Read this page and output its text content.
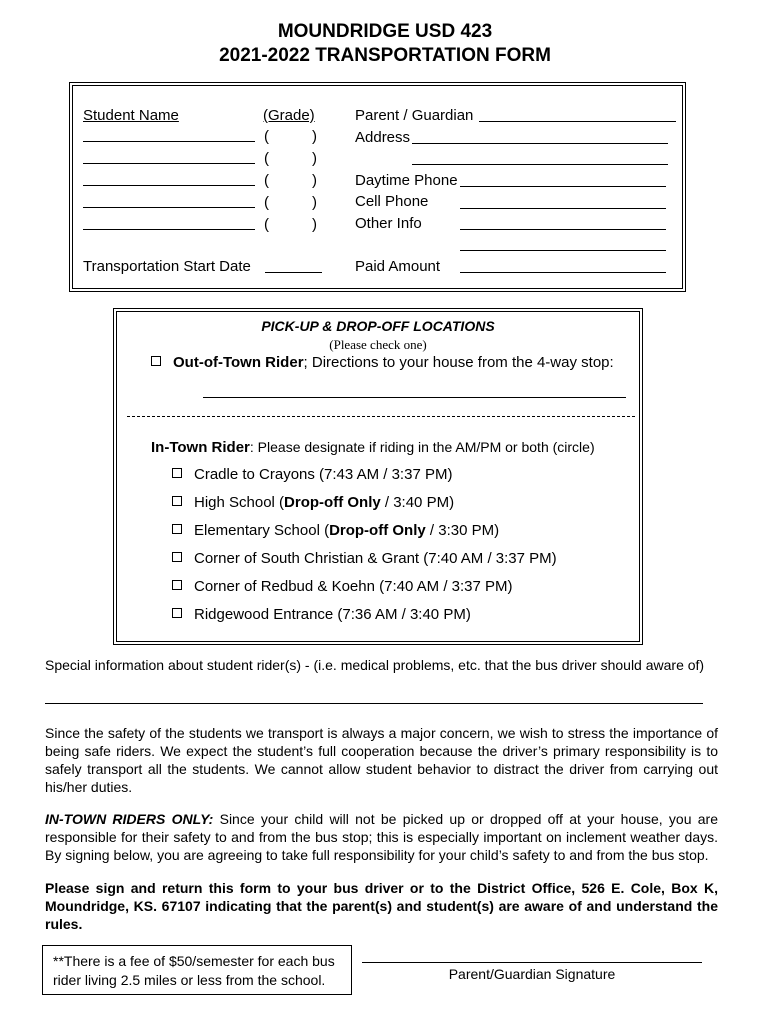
MOUNDRIDGE USD 423
2021-2022 TRANSPORTATION FORM
Student Name	(Grade)
(	)
(	)
(	)
(	)
(	)
Parent / Guardian
Address
Daytime Phone
Cell Phone
Other Info
Transportation Start Date	Paid Amount
PICK-UP & DROP-OFF LOCATIONS
(Please check one)
Out-of-Town Rider; Directions to your house from the 4-way stop:
In-Town Rider: Please designate if riding in the AM/PM or both (circle)
Cradle to Crayons (7:43 AM / 3:37 PM)
High School (Drop-off Only / 3:40 PM)
Elementary School (Drop-off Only / 3:30 PM)
Corner of South Christian & Grant (7:40 AM / 3:37 PM)
Corner of Redbud & Koehn (7:40 AM / 3:37 PM)
Ridgewood Entrance (7:36 AM / 3:40 PM)
Special information about student rider(s) - (i.e. medical problems, etc. that the bus driver should aware of)
Since the safety of the students we transport is always a major concern, we wish to stress the importance of being safe riders. We expect the student’s full cooperation because the driver’s primary responsibility is to safely transport all the students. We cannot allow student behavior to distract the driver from carrying out his/her duties.
IN-TOWN RIDERS ONLY: Since your child will not be picked up or dropped off at your house, you are responsible for their safety to and from the bus stop; this is especially important on inclement weather days. By signing below, you are agreeing to take full responsibility for your child’s safety to and from the bus stop.
Please sign and return this form to your bus driver or to the District Office, 526 E. Cole, Box K, Moundridge, KS. 67107 indicating that the parent(s) and student(s) are aware of and understand the rules.
**There is a fee of $50/semester for each bus rider living 2.5 miles or less from the school.	Parent/Guardian Signature
